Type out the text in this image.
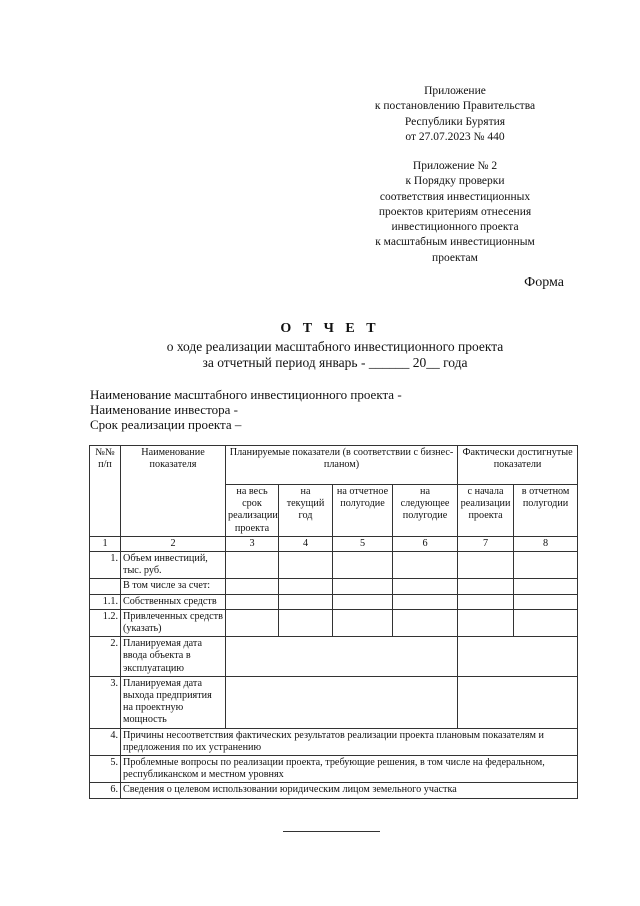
Приложение
к постановлению Правительства
Республики Бурятия
от 27.07.2023 № 440
Приложение № 2
к Порядку проверки
соответствия инвестиционных
проектов критериям отнесения
инвестиционного проекта
к масштабным инвестиционным
проектам
Форма
О Т Ч Е Т
о ходе реализации масштабного инвестиционного проекта
за отчетный период январь - ______ 20__ года
Наименование масштабного инвестиционного проекта -
Наименование инвестора -
Срок реализации проекта –
№№ п/п	Наименование показателя	Планируемые показатели (в соответствии с бизнес-планом)				Фактически достигнутые показатели	
		на весь срок реализации проекта	на текущий год	на отчетное полугодие	на следующее полугодие	с начала реализации проекта	в отчетном полугодии
1	2	3	4	5	6	7	8
1.	Объем инвестиций, тыс. руб.						
	В том числе за счет:						
1.1.	Собственных средств						
1.2.	Привлеченных средств (указать)						
2.	Планируемая дата ввода объекта в эксплуатацию						
3.	Планируемая дата выхода предприятия на проектную мощность						
4.	Причины несоответствия фактических результатов реализации проекта плановым показателям и предложения по их устранению						
5.	Проблемные вопросы по реализации проекта, требующие решения, в том числе на федеральном, республиканском и местном уровнях						
6.	Сведения о целевом использовании юридическим лицом земельного участка						
